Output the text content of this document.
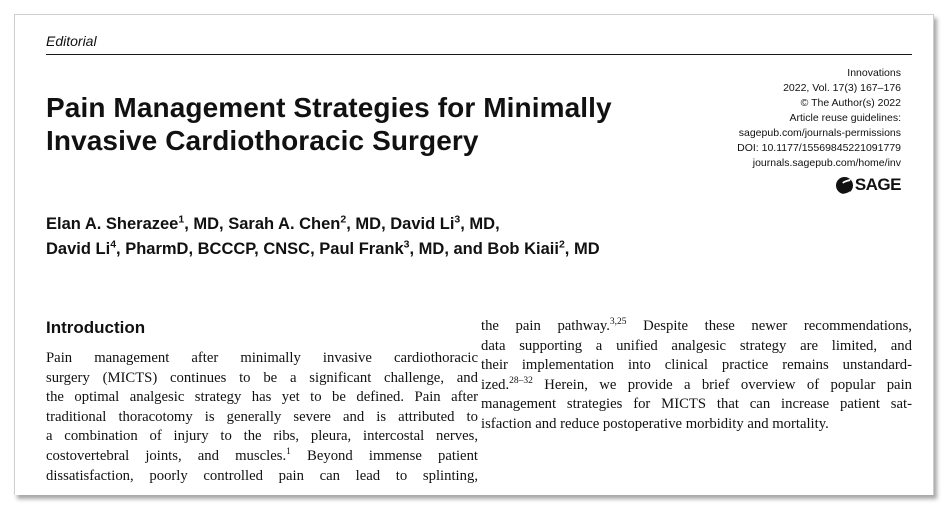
Editorial
Pain Management Strategies for Minimally
Invasive Cardiothoracic Surgery
Innovations
2022, Vol. 17(3) 167–176
© The Author(s) 2022
Article reuse guidelines:
sagepub.com/journals-permissions
DOI: 10.1177/15569845221091779
journals.sagepub.com/home/inv
SAGE
Elan A. Sherazee$^1$, MD, Sarah A. Chen$^2$, MD, David Li$^3$, MD,
David Li$^4$, PharmD, BCCCP, CNSC, Paul Frank$^3$, MD, and Bob Kiaii$^2$, MD
Introduction
Pain management after minimally invasive cardiothoracic
surgery (MICTS) continues to be a significant challenge, and
the optimal analgesic strategy has yet to be defined. Pain after
traditional thoracotomy is generally severe and is attributed to
a combination of injury to the ribs, pleura, intercostal nerves,
costovertebral joints, and muscles.$^1$ Beyond immense patient
dissatisfaction, poorly controlled pain can lead to splinting,
the pain pathway.$^{3,25}$ Despite these newer recommendations,
data supporting a unified analgesic strategy are limited, and
their implementation into clinical practice remains unstandard-
ized.$^{28-32}$ Herein, we provide a brief overview of popular pain
management strategies for MICTS that can increase patient sat-
isfaction and reduce postoperative morbidity and mortality.
